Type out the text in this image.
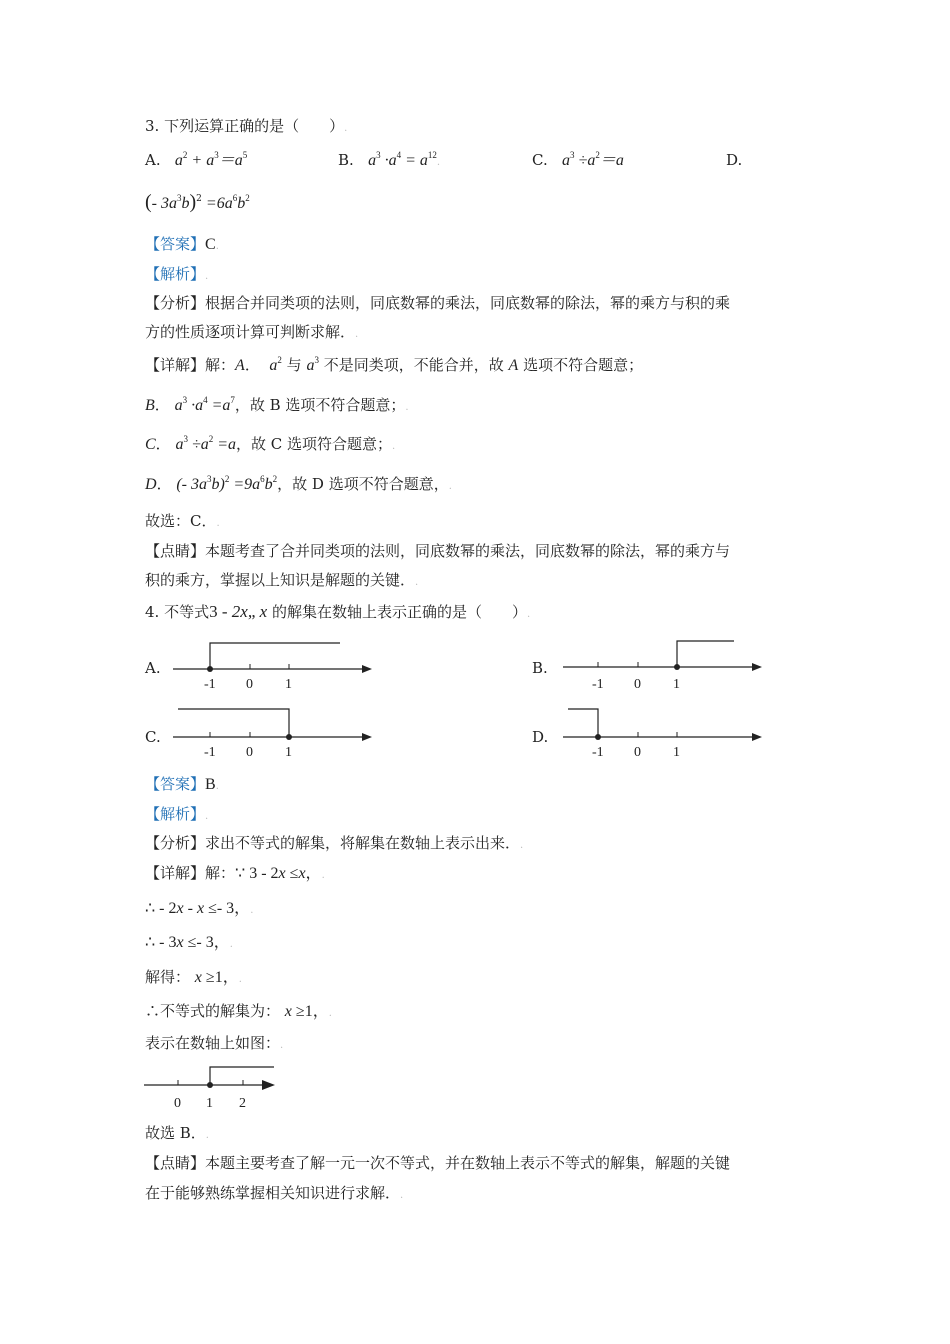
3. 下列运算正确的是（　　）.
A. $a^2 + a^3=a^5$	B. $a^3 \cdot a^4 = a^{12}$.	C. $a^3 \div a^2=a$	D.
(- $3a^3b)^2 =6a^6b^2$
【答案】C.
【解析】.
【分析】根据合并同类项的法则，同底数幂的乘法，同底数幂的除法，幂的乘方与积的乘
方的性质逐项计算可判断求解．.
【详解】解：A．  $a^2$ 与 $a^3$ 不是同类项，不能合并，故 A 选项不符合题意；
B． $a^3 \cdot a^4 =a^7$，故 B 选项不符合题意；.
C． $a^3 \div a^2 =a$，故 C 选项符合题意；.
D． (- $3a^3b)^2 =9a^6b^2$，故 D 选项不符合题意，.
故选：C．.
【点睛】本题考查了合并同类项的法则，同底数幂的乘法，同底数幂的除法，幂的乘方与
积的乘方，掌握以上知识是解题的关键．.
4. 不等式3 - 2x„ x 的解集在数轴上表示正确的是（　　）.
A.
-1 0 1
B.
-1 0 1
C.
-1 0 1
D.
-1 0 1
【答案】B.
【解析】.
【分析】求出不等式的解集，将解集在数轴上表示出来．.
【详解】解：∵ 3 - 2x ≤x，.
∴ - 2x - x ≤- 3，.
∴ - 3x ≤- 3，.
解得： x ≥1，.
∴不等式的解集为： x ≥1，.
表示在数轴上如图：.
0 1 2
故选 B．.
【点睛】本题主要考查了解一元一次不等式，并在数轴上表示不等式的解集，解题的关键
在于能够熟练掌握相关知识进行求解．.
